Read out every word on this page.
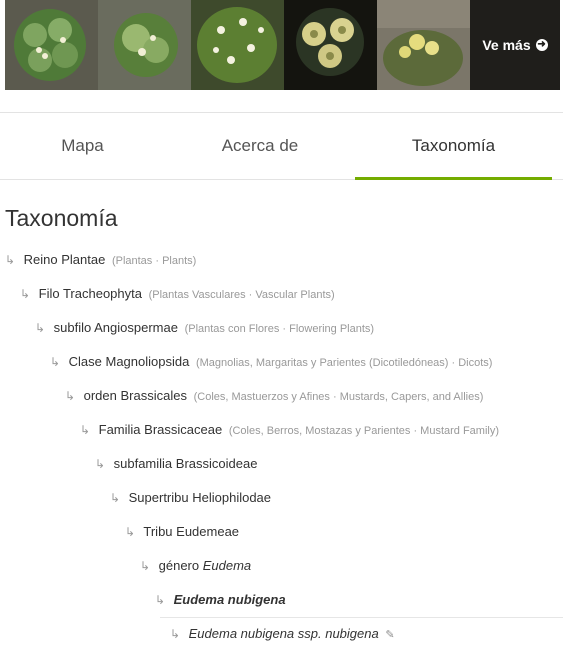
Ve más ➜
Mapa	Acerca de	Taxonomía
Taxonomía
↳ Reino Plantae (Plantas · Plants)
↳ Filo Tracheophyta (Plantas Vasculares · Vascular Plants)
↳ subfilo Angiospermae (Plantas con Flores · Flowering Plants)
↳ Clase Magnoliopsida (Magnolias, Margaritas y Parientes (Dicotiledóneas) · Dicots)
↳ orden Brassicales (Coles, Mastuerzos y Afines · Mustards, Capers, and Allies)
↳ Familia Brassicaceae (Coles, Berros, Mostazas y Parientes · Mustard Family)
↳ subfamilia Brassicoideae
↳ Supertribu Heliophilodae
↳ Tribu Eudemeae
↳ género Eudema
↳ Eudema nubigena
↳ Eudema nubigena ssp. nubigena ✎
